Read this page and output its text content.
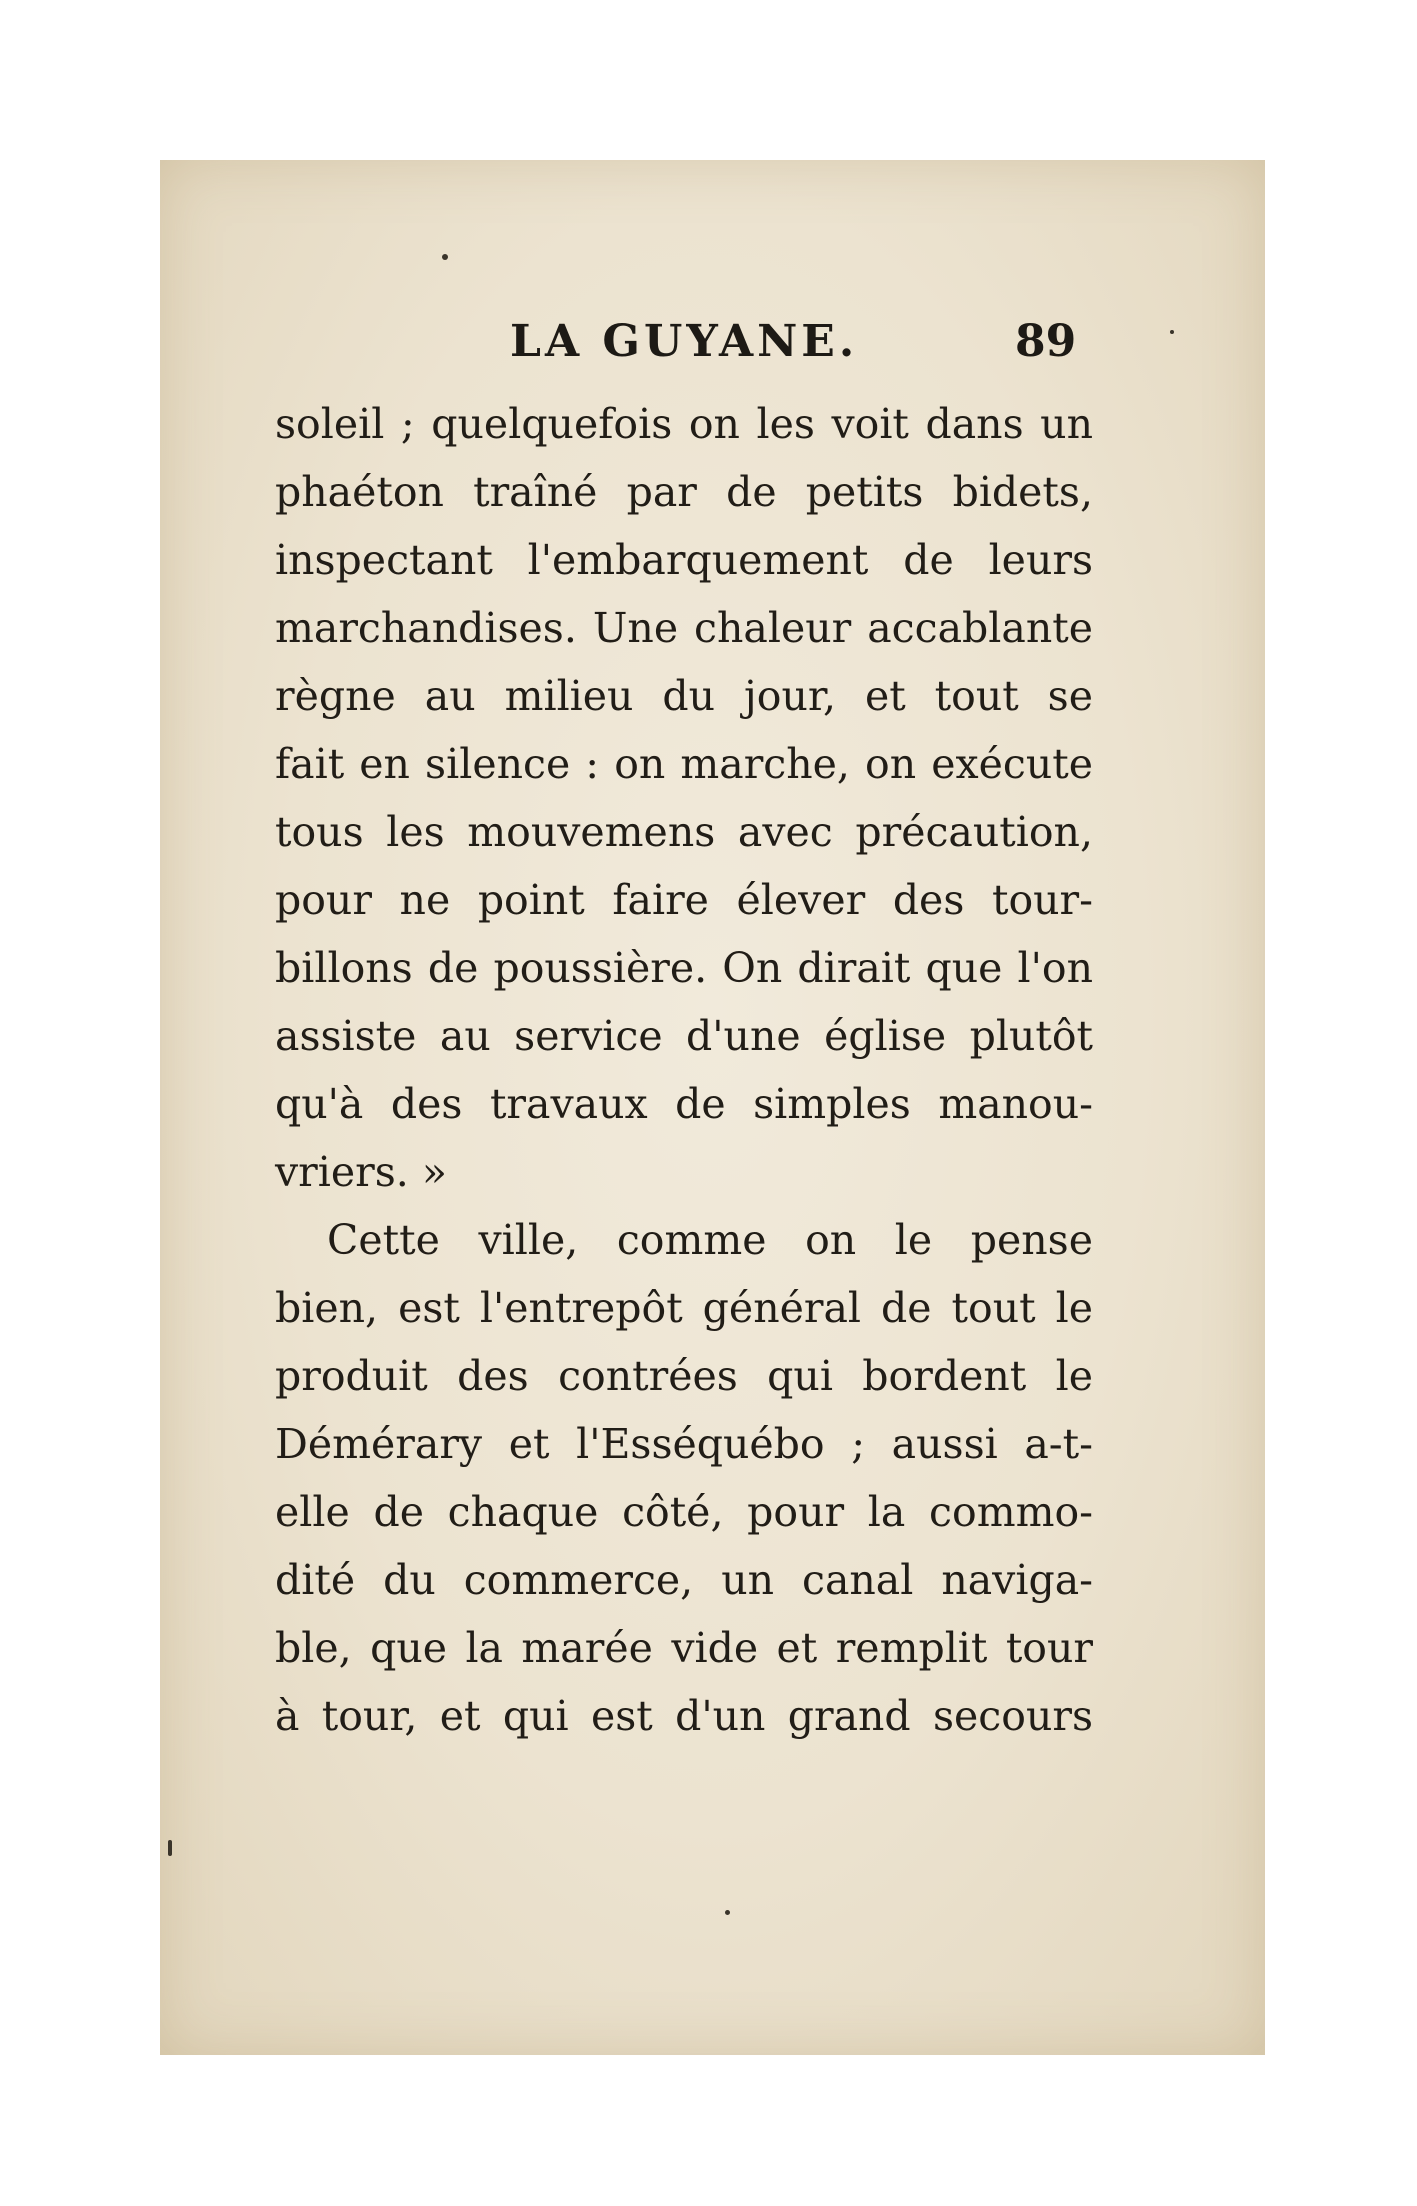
LA GUYANE.	89
soleil ; quelquefois on les voit dans un
phaéton traîné par de petits bidets,
inspectant l'embarquement de leurs
marchandises. Une chaleur accablante
règne au milieu du jour, et tout se
fait en silence : on marche, on exécute
tous les mouvemens avec précaution,
pour ne point faire élever des tour-
billons de poussière. On dirait que l'on
assiste au service d'une église plutôt
qu'à des travaux de simples manou-
vriers. »
Cette ville, comme on le pense
bien, est l'entrepôt général de tout le
produit des contrées qui bordent le
Démérary et l'Esséquébo ; aussi a-t-
elle de chaque côté, pour la commo-
dité du commerce, un canal naviga-
ble, que la marée vide et remplit tour
à tour, et qui est d'un grand secours
